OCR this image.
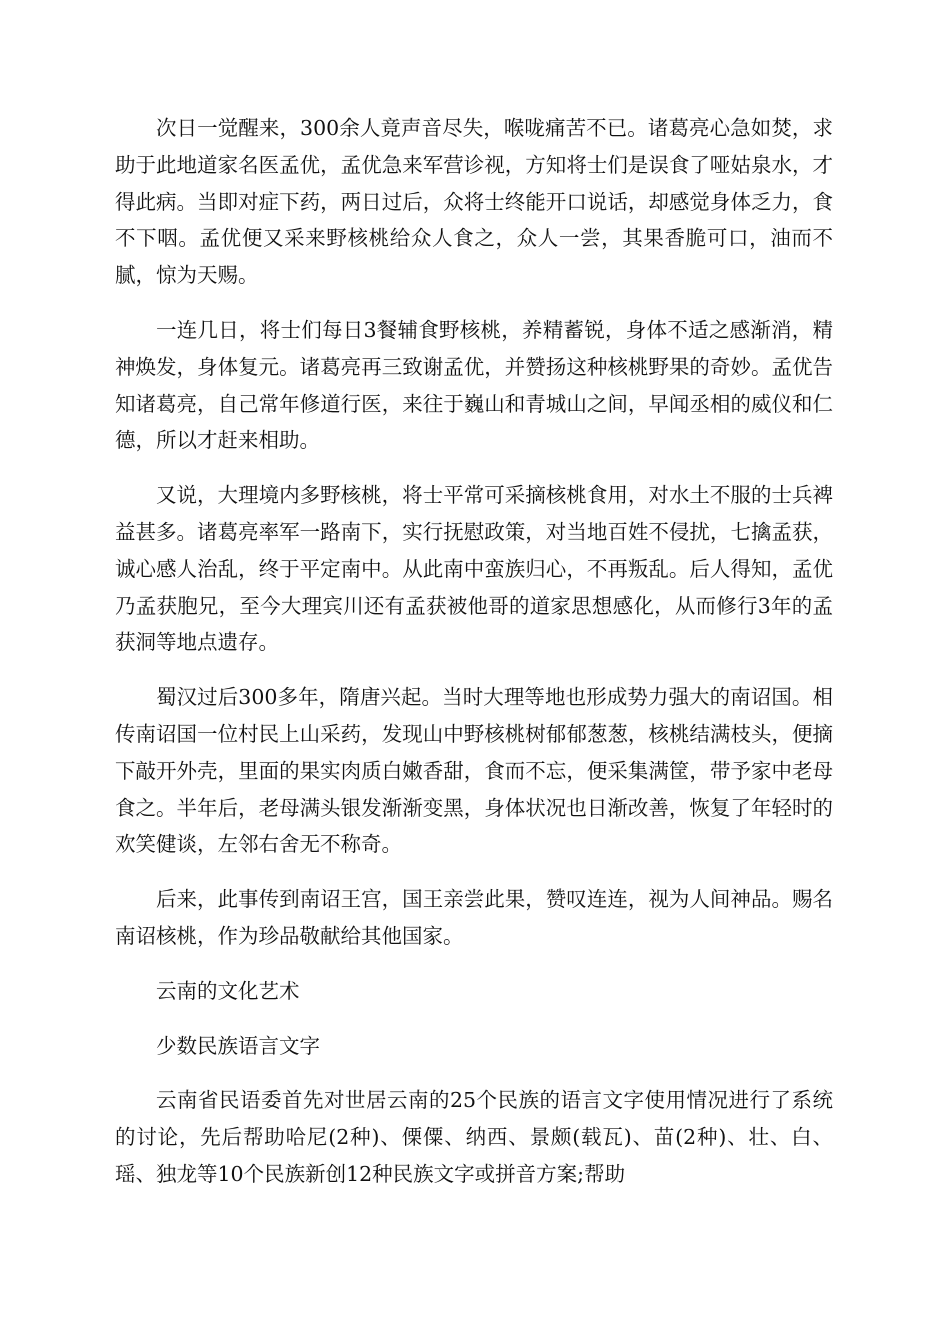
次日一觉醒来，300余人竟声音尽失，喉咙痛苦不已。诸葛亮心急如焚，求助于此地道家名医孟优，孟优急来军营诊视，方知将士们是误食了哑姑泉水，才得此病。当即对症下药，两日过后，众将士终能开口说话，却感觉身体乏力，食不下咽。孟优便又采来野核桃给众人食之，众人一尝，其果香脆可口，油而不腻，惊为天赐。

一连几日，将士们每日3餐辅食野核桃，养精蓄锐，身体不适之感渐消，精神焕发，身体复元。诸葛亮再三致谢孟优，并赞扬这种核桃野果的奇妙。孟优告知诸葛亮，自己常年修道行医，来往于巍山和青城山之间，早闻丞相的威仪和仁德，所以才赶来相助。

又说，大理境内多野核桃，将士平常可采摘核桃食用，对水土不服的士兵裨益甚多。诸葛亮率军一路南下，实行抚慰政策，对当地百姓不侵扰，七擒孟获，诚心感人治乱，终于平定南中。从此南中蛮族归心，不再叛乱。后人得知，孟优乃孟获胞兄，至今大理宾川还有孟获被他哥的道家思想感化，从而修行3年的孟获洞等地点遗存。

蜀汉过后300多年，隋唐兴起。当时大理等地也形成势力强大的南诏国。相传南诏国一位村民上山采药，发现山中野核桃树郁郁葱葱，核桃结满枝头，便摘下敲开外壳，里面的果实肉质白嫩香甜，食而不忘，便采集满筐，带予家中老母食之。半年后，老母满头银发渐渐变黑，身体状况也日渐改善，恢复了年轻时的欢笑健谈，左邻右舍无不称奇。

后来，此事传到南诏王宫，国王亲尝此果，赞叹连连，视为人间神品。赐名南诏核桃，作为珍品敬献给其他国家。

云南的文化艺术

少数民族语言文字

云南省民语委首先对世居云南的25个民族的语言文字使用情况进行了系统的讨论，先后帮助哈尼(2种)、傈僳、纳西、景颇(载瓦)、苗(2种)、壮、白、瑶、独龙等10个民族新创12种民族文字或拼音方案;帮助
